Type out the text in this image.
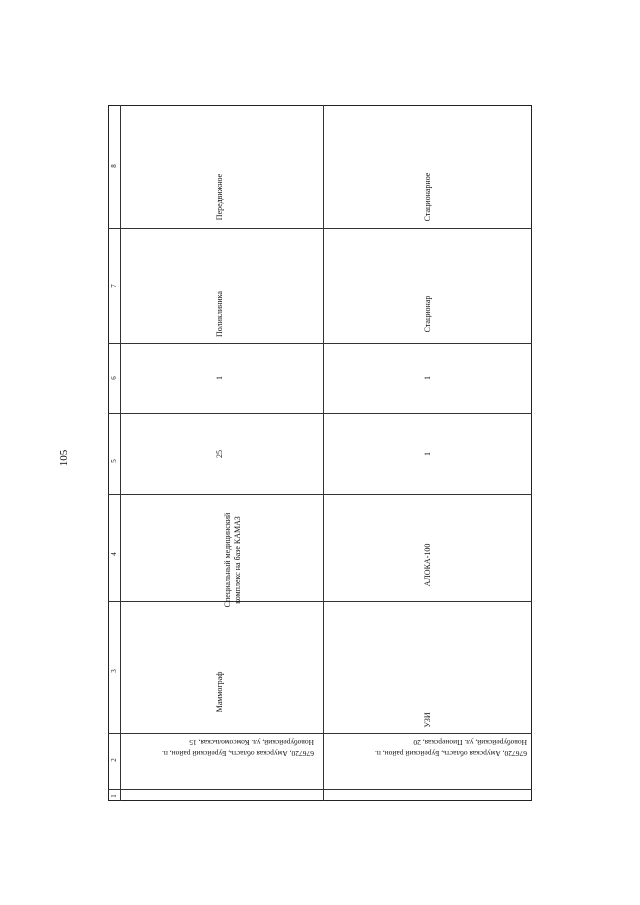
105
8
7
6
5
4
3
2
1
Передвижное
Поликлиника
1
25
Специальный медицинский комплекс на базе КАМАЗ
Маммограф
676720, Амурская область, Бурейский район, п. Новобурейский, ул. Комсомольская, 15
Стационарное
Стационар
1
1
АЛОКА-100
УЗИ
676720, Амурская область, Бурейский район, п. Новобурейский, ул. Пионерская, 20
